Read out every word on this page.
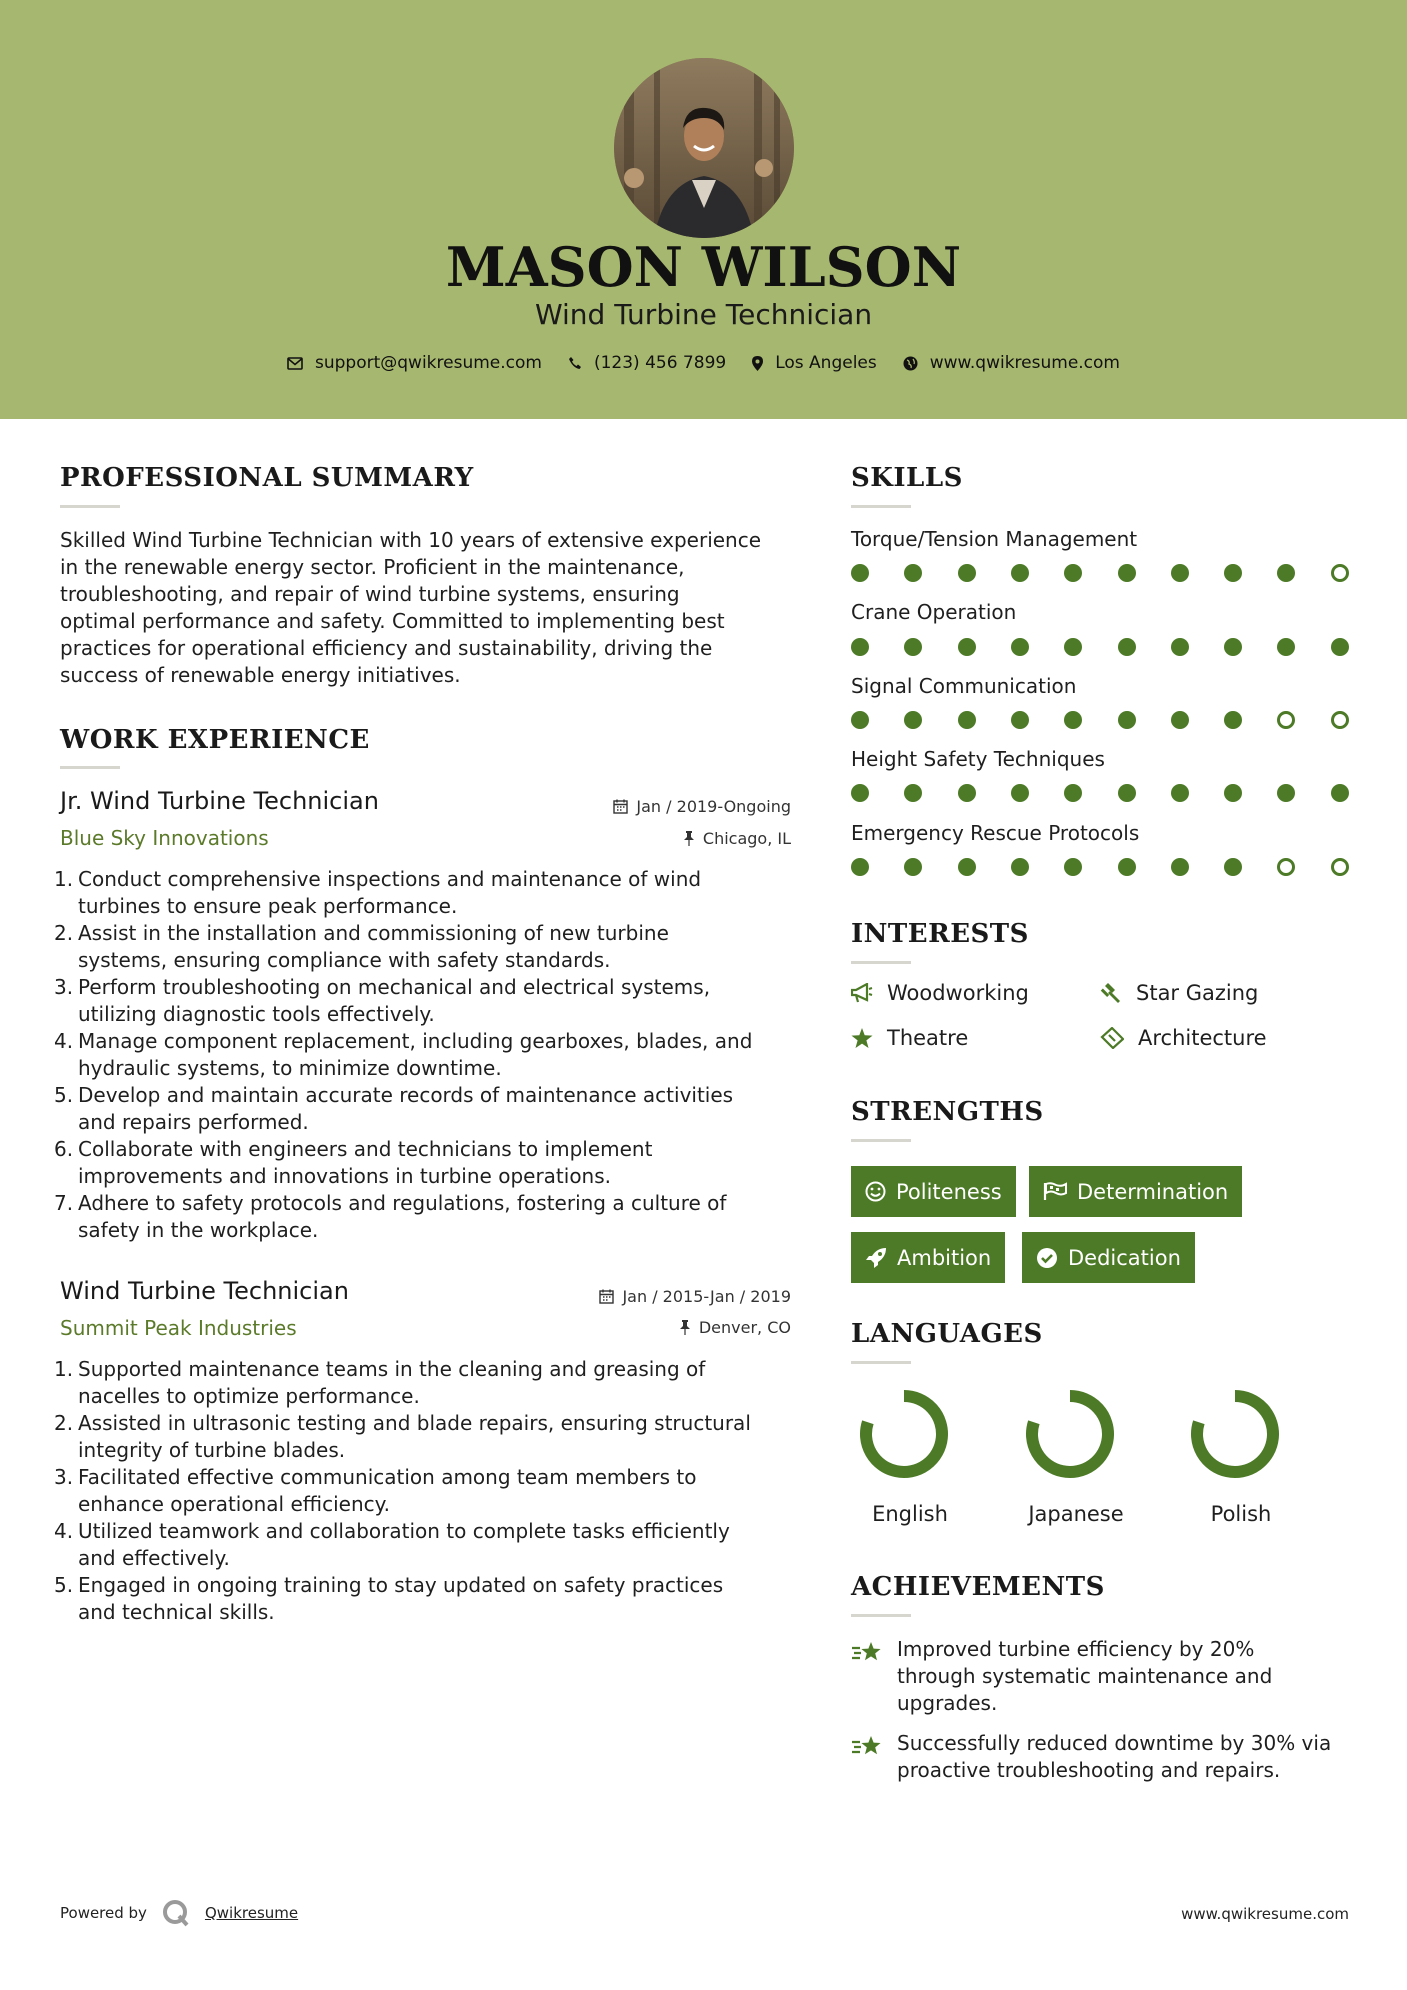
MASON WILSON
Wind Turbine Technician
support@qwikresume.com	(123) 456 7899	Los Angeles	www.qwikresume.com
PROFESSIONAL SUMMARY
Skilled Wind Turbine Technician with 10 years of extensive experience
in the renewable energy sector. Proficient in the maintenance,
troubleshooting, and repair of wind turbine systems, ensuring
optimal performance and safety. Committed to implementing best
practices for operational efficiency and sustainability, driving the
success of renewable energy initiatives.
WORK EXPERIENCE
Jr. Wind Turbine Technician	Jan / 2019-Ongoing
Blue Sky Innovations	Chicago, IL
1. Conduct comprehensive inspections and maintenance of wind
turbines to ensure peak performance.
2. Assist in the installation and commissioning of new turbine
systems, ensuring compliance with safety standards.
3. Perform troubleshooting on mechanical and electrical systems,
utilizing diagnostic tools effectively.
4. Manage component replacement, including gearboxes, blades, and
hydraulic systems, to minimize downtime.
5. Develop and maintain accurate records of maintenance activities
and repairs performed.
6. Collaborate with engineers and technicians to implement
improvements and innovations in turbine operations.
7. Adhere to safety protocols and regulations, fostering a culture of
safety in the workplace.
Wind Turbine Technician	Jan / 2015-Jan / 2019
Summit Peak Industries	Denver, CO
1. Supported maintenance teams in the cleaning and greasing of
nacelles to optimize performance.
2. Assisted in ultrasonic testing and blade repairs, ensuring structural
integrity of turbine blades.
3. Facilitated effective communication among team members to
enhance operational efficiency.
4. Utilized teamwork and collaboration to complete tasks efficiently
and effectively.
5. Engaged in ongoing training to stay updated on safety practices
and technical skills.
SKILLS
Torque/Tension Management
Crane Operation
Signal Communication
Height Safety Techniques
Emergency Rescue Protocols
INTERESTS
Woodworking	Star Gazing
Theatre	Architecture
STRENGTHS
Politeness	Determination
Ambition	Dedication
LANGUAGES
English	Japanese	Polish
ACHIEVEMENTS
Improved turbine efficiency by 20%
through systematic maintenance and
upgrades.
Successfully reduced downtime by 30% via
proactive troubleshooting and repairs.
Powered by	Qwikresume	www.qwikresume.com
